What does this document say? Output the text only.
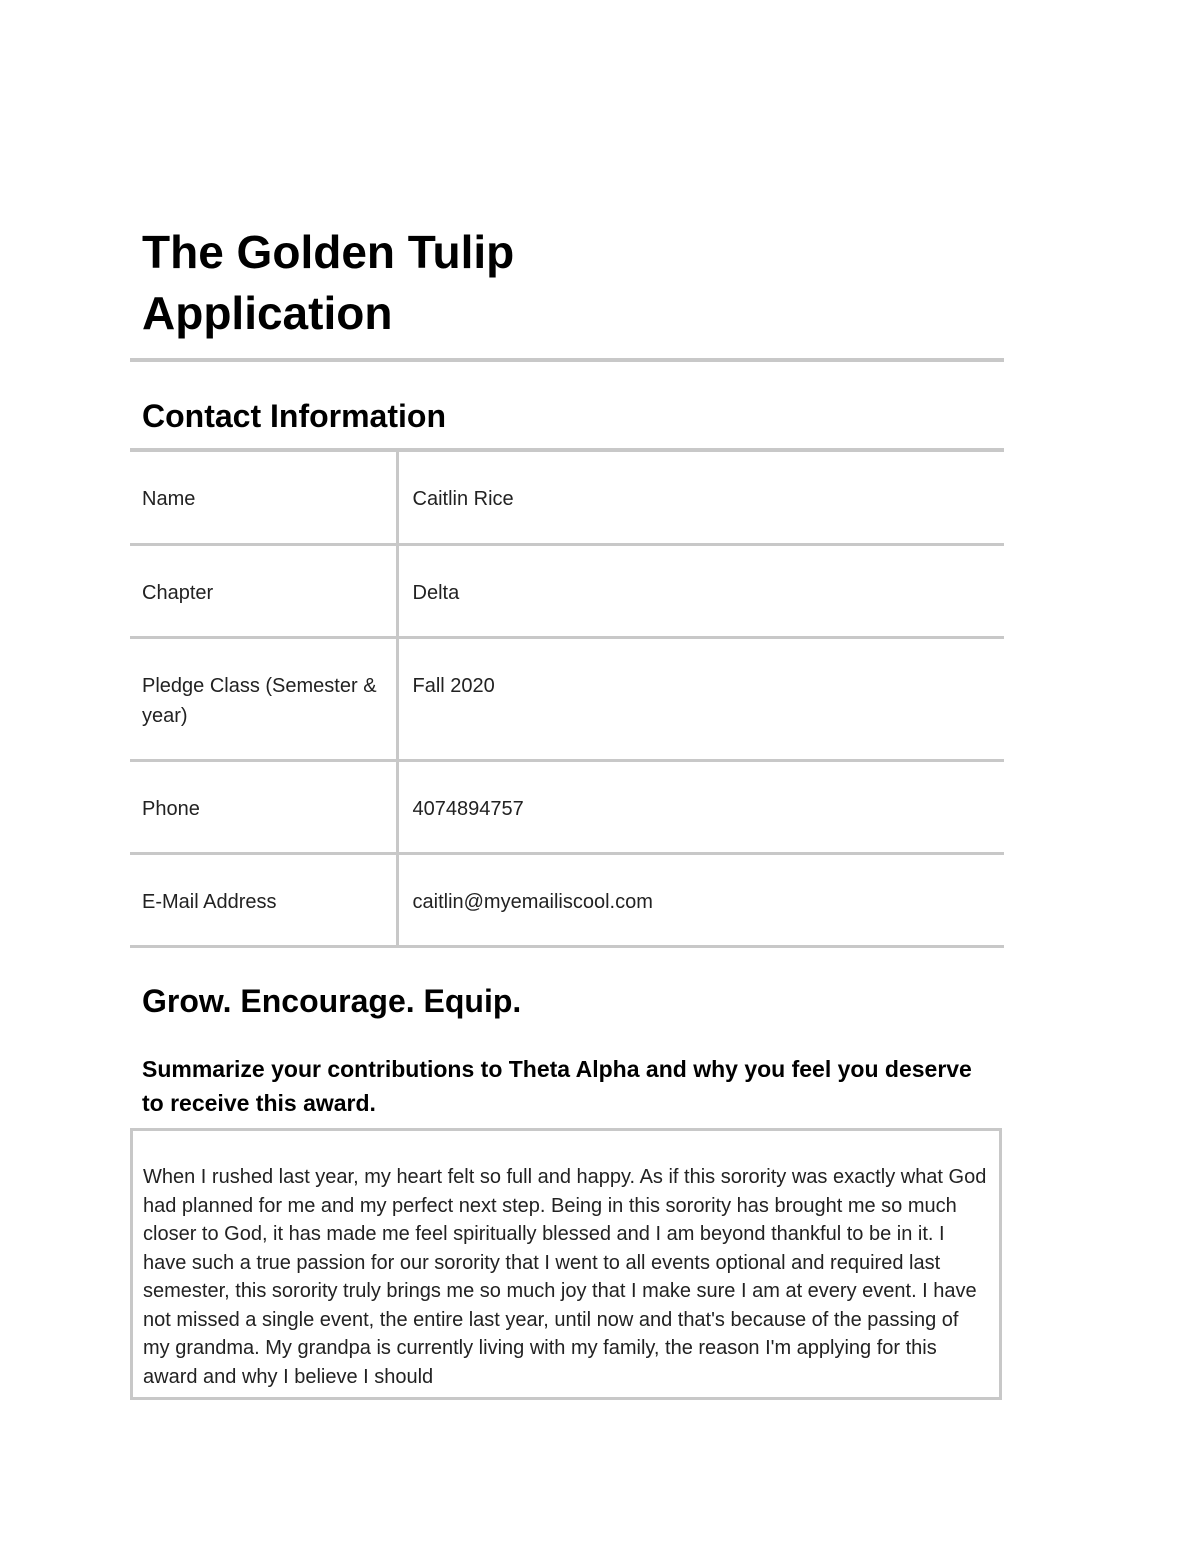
The Golden Tulip
Application
Contact Information
Name	Caitlin Rice
Chapter	Delta
Pledge Class (Semester & year)	Fall 2020
Phone	4074894757
E-Mail Address	caitlin@myemailiscool.com
Grow. Encourage. Equip.

Summarize your contributions to Theta Alpha and why you feel you deserve to receive this award.

When I rushed last year, my heart felt so full and happy. As if this sorority was exactly what God had planned for me and my perfect next step. Being in this sorority has brought me so much closer to God, it has made me feel spiritually blessed and I am beyond thankful to be in it. I have such a true passion for our sorority that I went to all events optional and required last semester, this sorority truly brings me so much joy that I make sure I am at every event. I have not missed a single event, the entire last year, until now and that's because of the passing of my grandma. My grandpa is currently living with my family, the reason I'm applying for this award and why I believe I should
